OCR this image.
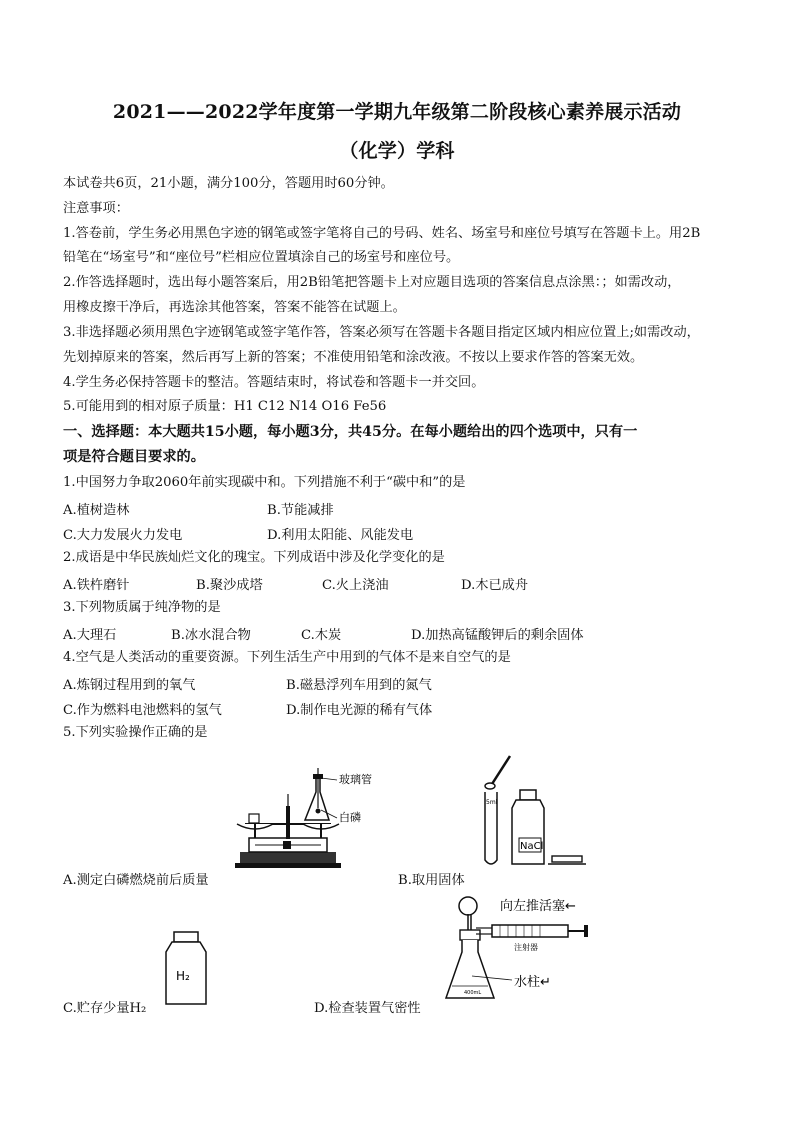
2021——2022学年度第一学期九年级第二阶段核心素养展示活动
（化学）学科
本试卷共6页，21小题，满分100分，答题用时60分钟。
注意事项：
1.答卷前，学生务必用黑色字迹的钢笔或签字笔将自己的号码、姓名、场室号和座位号填写在答题卡上。用2B
铅笔在“场室号”和“座位号”栏相应位置填涂自己的场室号和座位号。
2.作答选择题时，选出每小题答案后，用2B铅笔把答题卡上对应题目选项的答案信息点涂黑：；如需改动，
用橡皮擦干净后，再选涂其他答案，答案不能答在试题上。
3.非选择题必须用黑色字迹钢笔或签字笔作答，答案必须写在答题卡各题目指定区域内相应位置上;如需改动，
先划掉原来的答案，然后再写上新的答案；不准使用铅笔和涂改液。不按以上要求作答的答案无效。
4.学生务必保持答题卡的整洁。答题结束时，将试卷和答题卡一并交回。
5.可能用到的相对原子质量：H1 C12 N14 O16 Fe56
一、选择题：本大题共15小题，每小题3分，共45分。在每小题给出的四个选项中，只有一
项是符合题目要求的。
1.中国努力争取2060年前实现碳中和。下列措施不利于“碳中和”的是
A.植树造林	B.节能减排
C.大力发展火力发电	D.利用太阳能、风能发电
2.成语是中华民族灿烂文化的瑰宝。下列成语中涉及化学变化的是
A.铁杵磨针	B.聚沙成塔	C.火上浇油	D.木已成舟
3.下列物质属于纯净物的是
A.大理石	B.冰水混合物	C.木炭	D.加热高锰酸钾后的剩余固体
4.空气是人类活动的重要资源。下列生活生产中用到的气体不是来自空气的是
A.炼钢过程用到的氧气	B.磁悬浮列车用到的氮气
C.作为燃料电池燃料的氢气	D.制作电光源的稀有气体
5.下列实验操作正确的是
玻璃管
白磷
A.测定白磷燃烧前后质量
5ml
NaCl
B.取用固体
H₂
C.贮存少量H₂
400mL
向左推活塞←
注射器
水柱↵
D.检查装置气密性
